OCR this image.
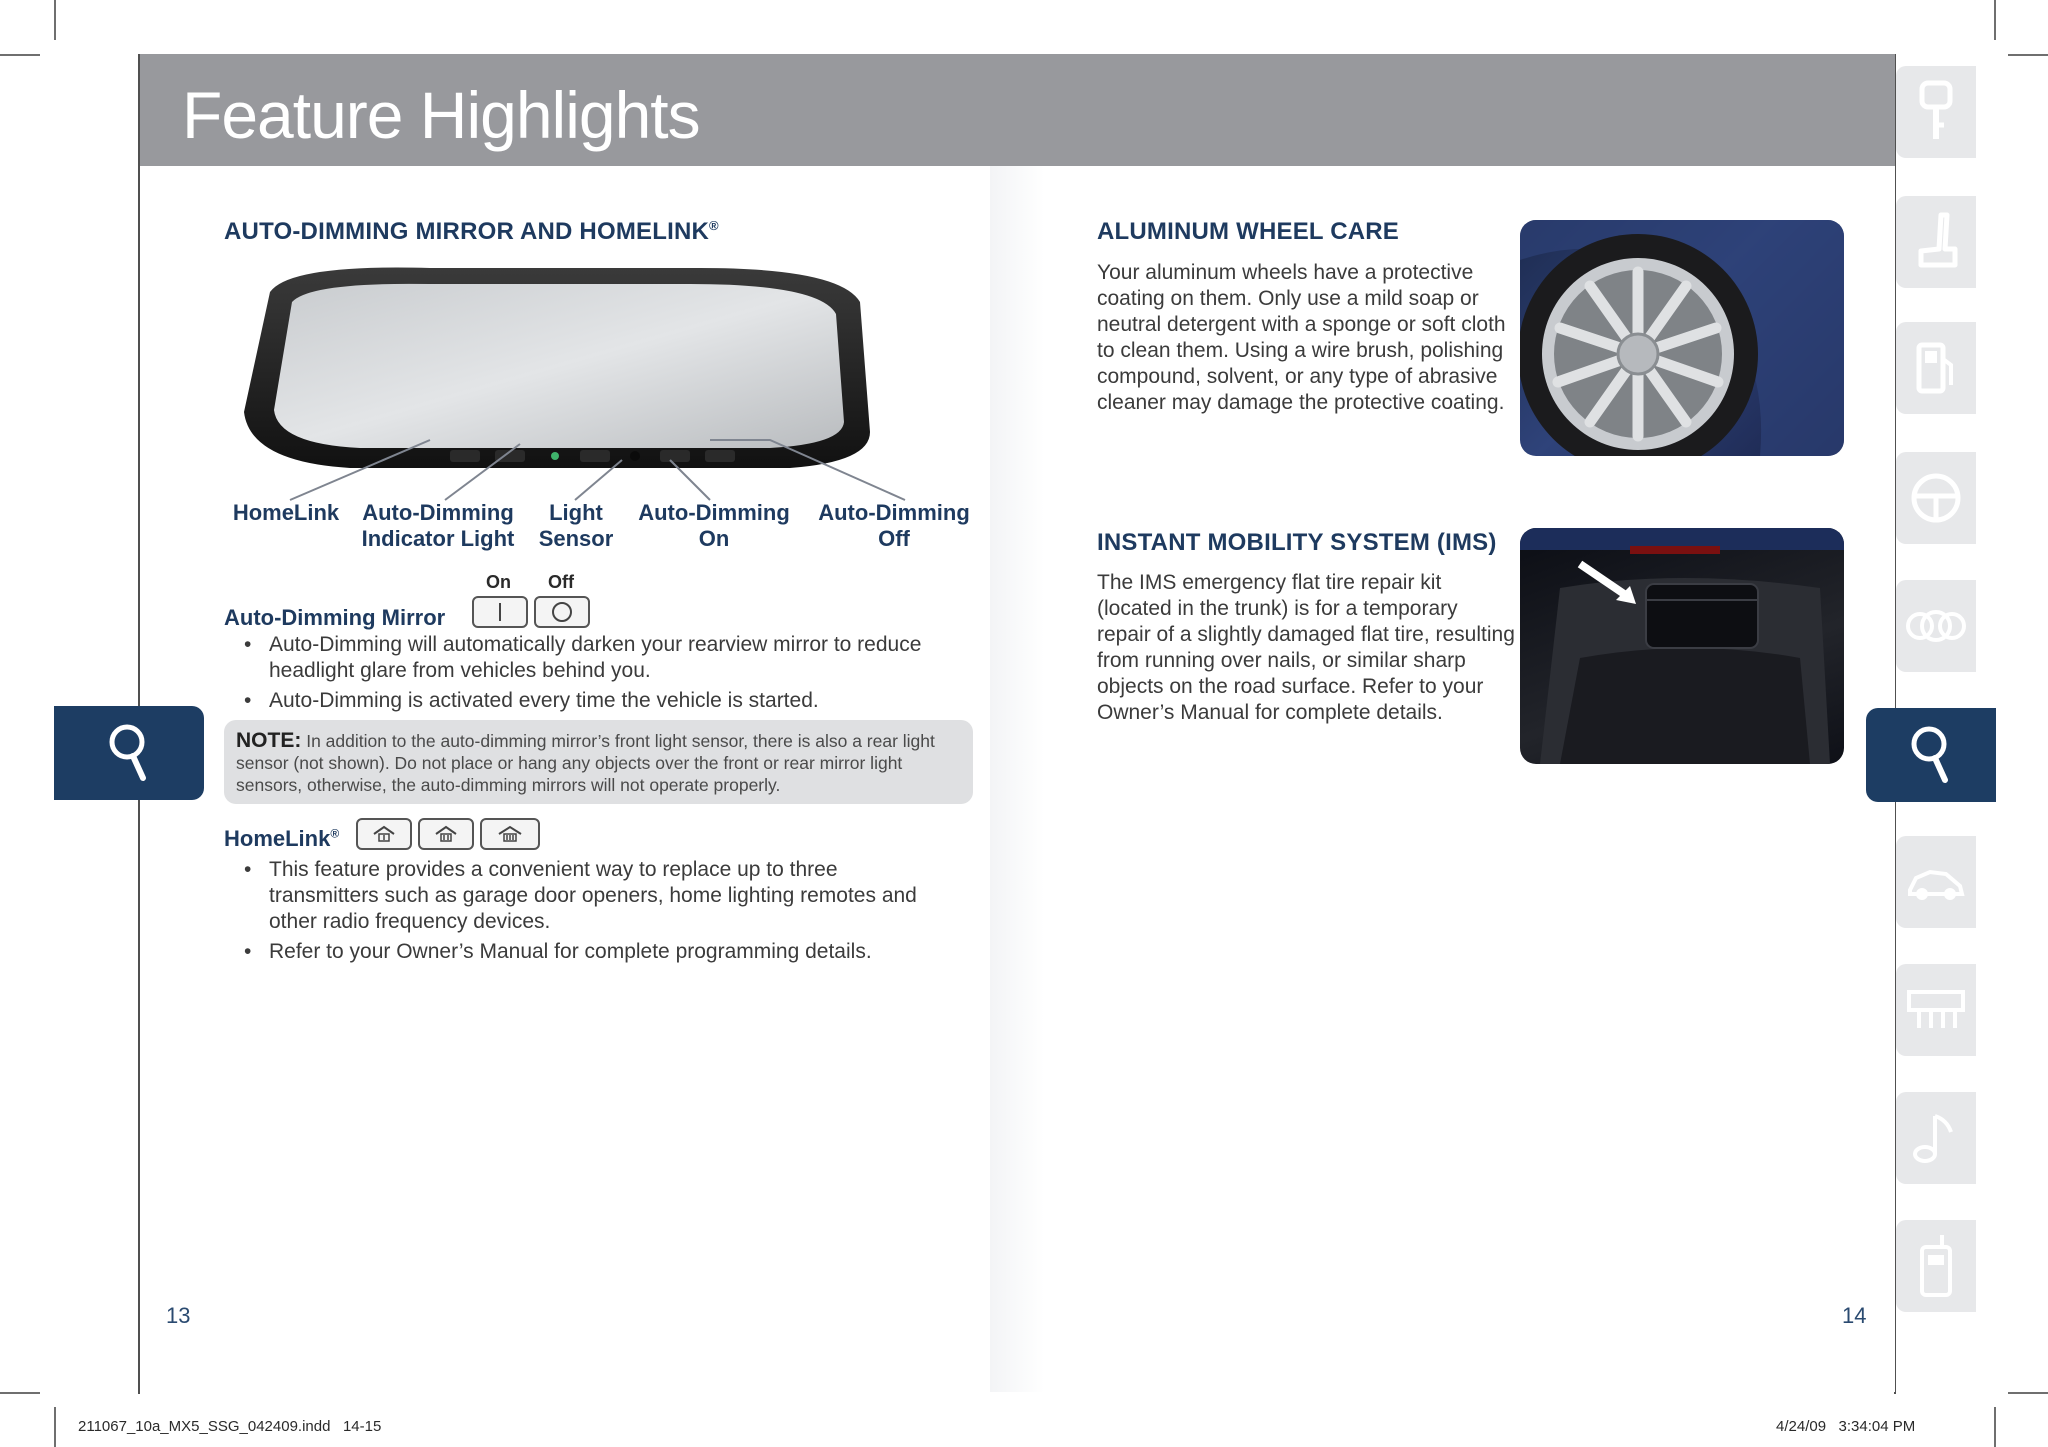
Feature Highlights
AUTO-DIMMING MIRROR AND HOMELINK®
HomeLink	Auto-Dimming
Indicator Light
Light
Sensor
Auto-Dimming
On
Auto-Dimming
Off
On Off
Auto-Dimming Mirror
• Auto-Dimming will automatically darken your rearview mirror to reduce headlight glare from vehicles behind you.
• Auto-Dimming is activated every time the vehicle is started.
NOTE: In addition to the auto-dimming mirror’s front light sensor, there is also a rear light sensor (not shown). Do not place or hang any objects over the front or rear mirror light sensors, otherwise, the auto-dimming mirrors will not operate properly.
HomeLink®
• This feature provides a convenient way to replace up to three transmitters such as garage door openers, home lighting remotes and other radio frequency devices.
• Refer to your Owner’s Manual for complete programming details.
13
ALUMINUM WHEEL CARE
Your aluminum wheels have a protective coating on them. Only use a mild soap or neutral detergent with a sponge or soft cloth to clean them. Using a wire brush, polishing compound, solvent, or any type of abrasive cleaner may damage the protective coating.
INSTANT MOBILITY SYSTEM (IMS)
The IMS emergency flat tire repair kit (located in the trunk) is for a temporary repair of a slightly damaged flat tire, resulting from running over nails, or similar sharp objects on the road surface. Refer to your Owner’s Manual for complete details.
14
211067_10a_MX5_SSG_042409.indd   14-15	4/24/09   3:34:04 PM
